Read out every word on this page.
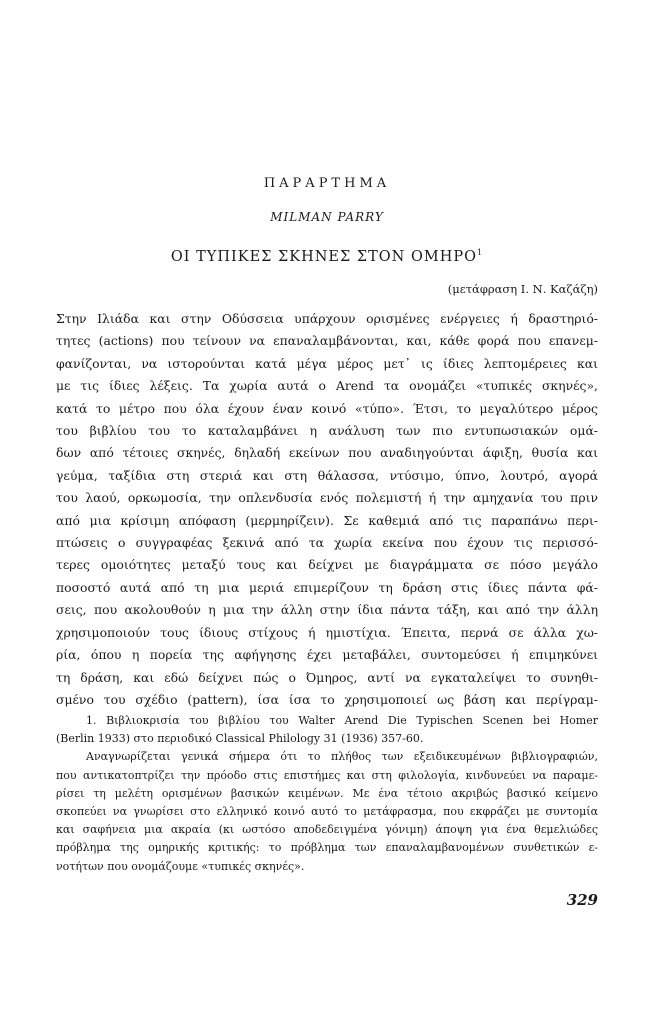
ΠΑΡΑΡΤΗΜΑ
MILMAN PARRY
ΟΙ ΤΥΠΙΚΕΣ ΣΚΗΝΕΣ ΣΤΟΝ ΟΜΗΡΟ$^1$
(μετάφραση Ι. Ν. Καζάζη)
Στην Ιλιάδα και στην Οδύσσεια υπάρχουν ορισμένες ενέργειες ή δραστηριό-
τητες (actions) που τείνουν να επαναλαμβάνονται, και, κάθε φορά που επανεμ-
φανίζονται, να ιστορούνται κατά μέγα μέρος μετ᾽ ις ίδιες λεπτομέρειες και
με τις ίδιες λέξεις. Τα χωρία αυτά ο Arend τα ονομάζει «τυπικές σκηνές»,
κατά το μέτρο που όλα έχουν έναν κοινό «τύπο». Έτσι, το μεγαλύτερο μέρος
του βιβλίου του το καταλαμβάνει η ανάλυση των πιο εντυπωσιακών ομά-
δων από τέτοιες σκηνές, δηλαδή εκείνων που αναδιηγούνται άφιξη, θυσία και
γεύμα, ταξίδια στη στεριά και στη θάλασσα, ντύσιμο, ύπνο, λουτρό, αγορά
του λαού, ορκωμοσία, την οπλενδυσία ενός πολεμιστή ή την αμηχανία του πριν
από μια κρίσιμη απόφαση (μερμηρίζειν). Σε καθεμιά από τις παραπάνω περι-
πτώσεις ο συγγραφέας ξεκινά από τα χωρία εκείνα που έχουν τις περισσό-
τερες ομοιότητες μεταξύ τους και δείχνει με διαγράμματα σε πόσο μεγάλο
ποσοστό αυτά από τη μια μεριά επιμερίζουν τη δράση στις ίδιες πάντα φά-
σεις, που ακολουθούν η μια την άλλη στην ίδια πάντα τάξη, και από την άλλη
χρησιμοποιούν τους ίδιους στίχους ή ημιστίχια. Έπειτα, περνά σε άλλα χω-
ρία, όπου η πορεία της αφήγησης έχει μεταβάλει, συντομεύσει ή επιμηκύνει
τη δράση, και εδώ δείχνει πώς ο Όμηρος, αντί να εγκαταλείψει το συνηθι-
σμένο του σχέδιο (pattern), ίσα ίσα το χρησιμοποιεί ως βάση και περίγραμ-
1. Βιβλιοκρισία του βιβλίου του Walter Arend Die Typischen Scenen bei Homer
(Berlin 1933) στο περιοδικό Classical Philology 31 (1936) 357-60.
Αναγνωρίζεται γενικά σήμερα ότι το πλήθος των εξειδικευμένων βιβλιογραφιών,
που αντικατοπτρίζει την πρόοδο στις επιστήμες και στη φιλολογία, κινδυνεύει να παραμε-
ρίσει τη μελέτη ορισμένων βασικών κειμένων. Με ένα τέτοιο ακριβώς βασικό κείμενο
σκοπεύει να γνωρίσει στο ελληνικό κοινό αυτό το μετάφρασμα, που εκφράζει με συντομία
και σαφήνεια μια ακραία (κι ωστόσο αποδεδειγμένα γόνιμη) άποψη για ένα θεμελιώδες
πρόβλημα της ομηρικής κριτικής: το πρόβλημα των επαναλαμβανομένων συνθετικών ε-
νοτήτων που ονομάζουμε «τυπικές σκηνές».
329
